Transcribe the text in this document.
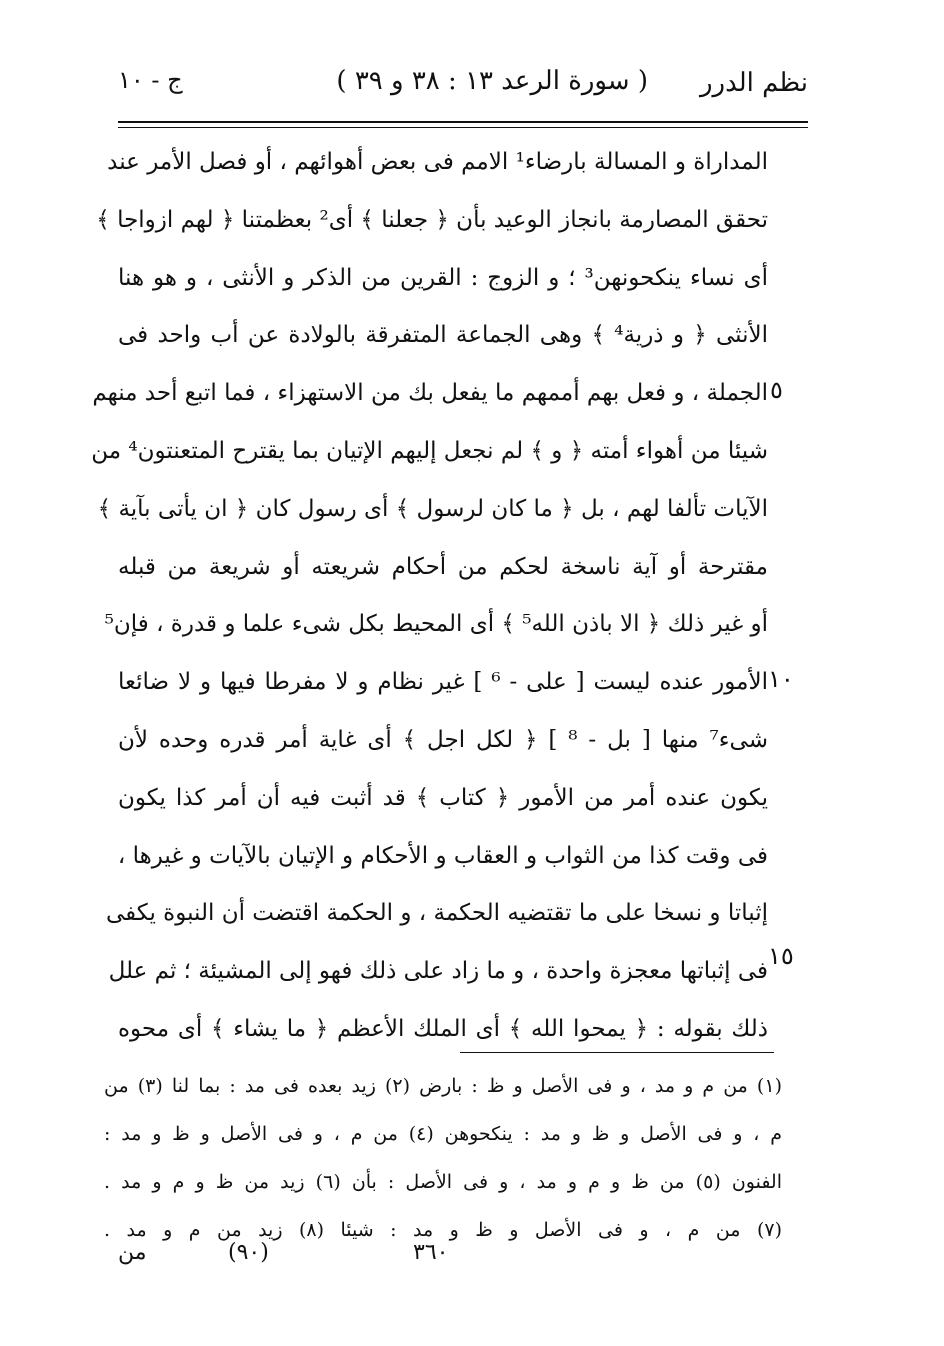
نظم الدرر
( سورة الرعد ١٣ : ٣٨ و ٣٩ )
ج - ١٠
المداراة و المسالة بارضاء¹ الامم فى بعض أهوائهم ، أو فصل الأمر عند
تحقق المصارمة بانجاز الوعيد بأن ﴿ جعلنا ﴾ أى² بعظمتنا ﴿ لهم ازواجا ﴾
أى نساء ينكحونهن³ ؛ و الزوج : القرين من الذكر و الأنثى ، و هو هنا
الأنثى ﴿ و ذرية⁴ ﴾ وهى الجماعة المتفرقة بالولادة عن أب واحد فى
الجملة ، و فعل بهم أممهم ما يفعل بك من الاستهزاء ، فما اتبع أحد منهم
شيئا من أهواء أمته ﴿ و ﴾ لم نجعل إليهم الإتيان بما يقترح المتعنتون⁴ من
الآيات تألفا لهم ، بل ﴿ ما كان لرسول ﴾ أى رسول كان ﴿ ان يأتى بآية ﴾
مقترحة أو آية ناسخة لحكم من أحكام شريعته أو شريعة من قبله
أو غير ذلك ﴿ الا باذن الله⁵ ﴾ أى المحيط بكل شىء علما و قدرة ، فإن⁵
الأمور عنده ليست [ على - ⁶ ] غير نظام و لا مفرطا فيها و لا ضائعا
شىء⁷ منها [ بل - ⁸ ] ﴿ لكل اجل ﴾ أى غاية أمر قدره وحده لأن
يكون عنده أمر من الأمور ﴿ كتاب ﴾ قد أثبت فيه أن أمر كذا يكون
فى وقت كذا من الثواب و العقاب و الأحكام و الإتيان بالآيات و غيرها ،
إثباتا و نسخا على ما تقتضيه الحكمة ، و الحكمة اقتضت أن النبوة يكفى
فى إثباتها معجزة واحدة ، و ما زاد على ذلك فهو إلى المشيئة ؛ ثم علل
ذلك بقوله : ﴿ يمحوا الله ﴾ أى الملك الأعظم ﴿ ما يشاء ﴾ أى محوه
٥
١٠
١٥
(١) من م و مد ، و فى الأصل و ظ : بارض (٢) زيد بعده فى مد : بما لنا (٣) من
م ، و فى الأصل و ظ و مد : ينكحوهن (٤) من م ، و فى الأصل و ظ و مد :
الفنون (٥) من ظ و م و مد ، و فى الأصل : بأن (٦) زيد من ظ و م و مد .
(٧) من م ، و فى الأصل و ظ و مد : شيئا (٨) زيد من م و مد .
من	(٩٠)	٣٦٠
